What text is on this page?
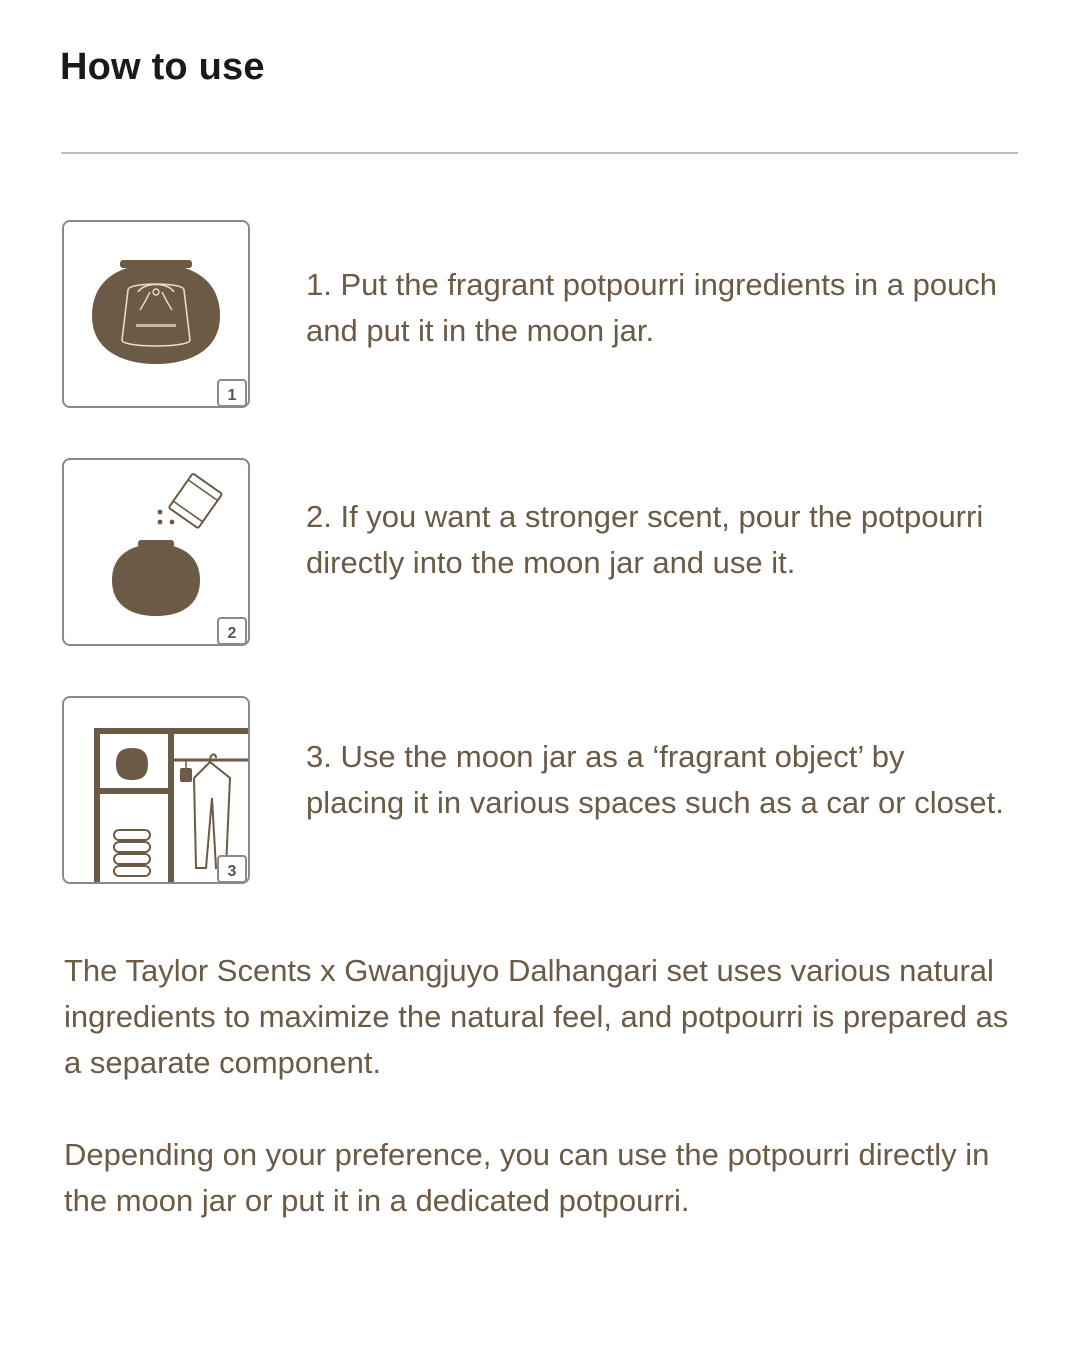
How to use
1
1. Put the fragrant potpourri ingredients in a pouch and put it in the moon jar.
2
2. If you want a stronger scent, pour the potpourri directly into the moon jar and use it.
3
3. Use the moon jar as a ‘fragrant object’ by placing it in various spaces such as a car or closet.
The Taylor Scents x Gwangjuyo Dalhangari set uses various natural ingredients to maximize the natural feel, and potpourri is prepared as a separate component.
Depending on your preference, you can use the potpourri directly in the moon jar or put it in a dedicated potpourri.
